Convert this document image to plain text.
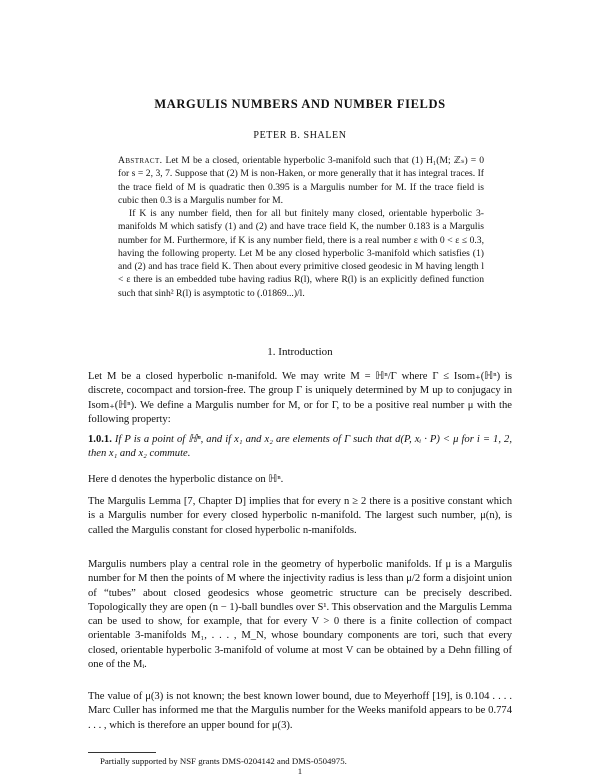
MARGULIS NUMBERS AND NUMBER FIELDS
PETER B. SHALEN

Abstract. Let M be a closed, orientable hyperbolic 3-manifold such that (1) H₁(M; ℤₛ) = 0 for s = 2, 3, 7. Suppose that (2) M is non-Haken, or more generally that it has integral traces. If the trace field of M is quadratic then 0.395 is a Margulis number for M. If the trace field is cubic then 0.3 is a Margulis number for M.

If K is any number field, then for all but finitely many closed, orientable hyperbolic 3-manifolds M which satisfy (1) and (2) and have trace field K, the number 0.183 is a Margulis number for M. Furthermore, if K is any number field, there is a real number ε with 0 < ε ≤ 0.3, having the following property. Let M be any closed hyperbolic 3-manifold which satisfies (1) and (2) and has trace field K. Then about every primitive closed geodesic in M having length l < ε there is an embedded tube having radius R(l), where R(l) is an explicitly defined function such that sinh² R(l) is asymptotic to (.01869...)/l.

1. Introduction

Let M be a closed hyperbolic n-manifold. We may write M = ℍⁿ/Γ where Γ ≤ Isom₊(ℍⁿ) is discrete, cocompact and torsion-free. The group Γ is uniquely determined by M up to conjugacy in Isom₊(ℍⁿ). We define a Margulis number for M, or for Γ, to be a positive real number μ with the following property:

1.0.1. If P is a point of ℍⁿ, and if x₁ and x₂ are elements of Γ such that d(P, xᵢ · P) < μ for i = 1, 2, then x₁ and x₂ commute.

Here d denotes the hyperbolic distance on ℍⁿ.

The Margulis Lemma [7, Chapter D] implies that for every n ≥ 2 there is a positive constant which is a Margulis number for every closed hyperbolic n-manifold. The largest such number, μ(n), is called the Margulis constant for closed hyperbolic n-manifolds.

Margulis numbers play a central role in the geometry of hyperbolic manifolds. If μ is a Margulis number for M then the points of M where the injectivity radius is less than μ/2 form a disjoint union of “tubes” about closed geodesics whose geometric structure can be precisely described. Topologically they are open (n − 1)-ball bundles over S¹. This observation and the Margulis Lemma can be used to show, for example, that for every V > 0 there is a finite collection of compact orientable 3-manifolds M₁, . . . , M_N, whose boundary components are tori, such that every closed, orientable hyperbolic 3-manifold of volume at most V can be obtained by a Dehn filling of one of the Mᵢ.

The value of μ(3) is not known; the best known lower bound, due to Meyerhoff [19], is 0.104 . . . . Marc Culler has informed me that the Margulis number for the Weeks manifold appears to be 0.774 . . . , which is therefore an upper bound for μ(3).

Partially supported by NSF grants DMS-0204142 and DMS-0504975.
1
